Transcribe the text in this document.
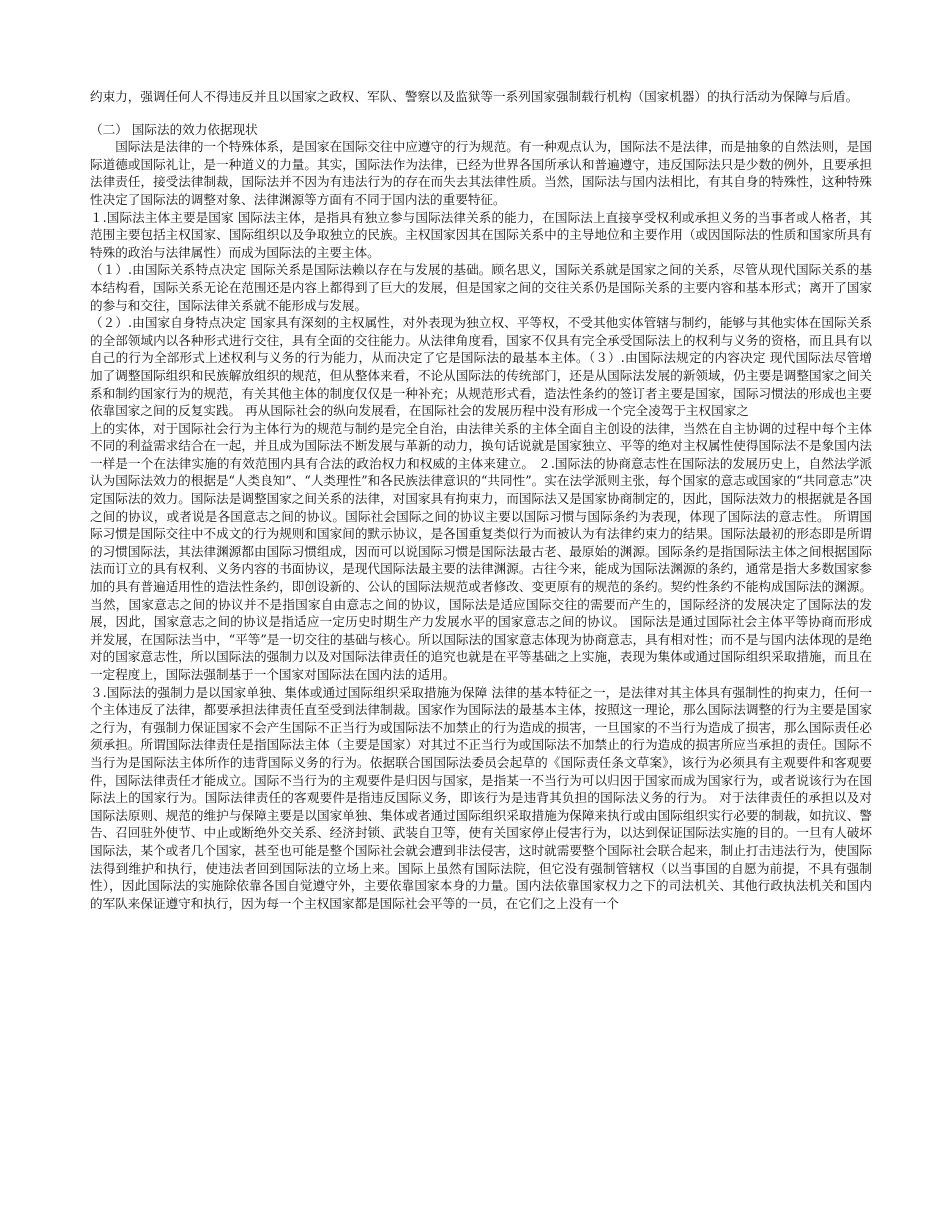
约束力，强调任何人不得违反并且以国家之政权、军队、警察以及监狱等一系列国家强制载行机构（国家机器）的执行活动为保障与后盾。

（二） 国际法的效力依据现状

国际法是法律的一个特殊体系，是国家在国际交往中应遵守的行为规范。有一种观点认为，国际法不是法律，而是抽象的自然法则，是国际道德或国际礼让，是一种道义的力量。其实，国际法作为法律，已经为世界各国所承认和普遍遵守，违反国际法只是少数的例外，且要承担法律责任，接受法律制裁，国际法并不因为有违法行为的存在而失去其法律性质。当然，国际法与国内法相比，有其自身的特殊性，这种特殊性决定了国际法的调整对象、法律渊源等方面有不同于国内法的重要特征。

１.国际法主体主要是国家 国际法主体，是指具有独立参与国际法律关系的能力，在国际法上直接享受权利或承担义务的当事者或人格者，其范围主要包括主权国家、国际组织以及争取独立的民族。主权国家因其在国际关系中的主导地位和主要作用（或因国际法的性质和国家所具有特殊的政治与法律属性）而成为国际法的主要主体。

（１）.由国际关系特点决定 国际关系是国际法赖以存在与发展的基础。顾名思义，国际关系就是国家之间的关系，尽管从现代国际关系的基本结构看，国际关系无论在范围还是内容上都得到了巨大的发展，但是国家之间的交往关系仍是国际关系的主要内容和基本形式；离开了国家的参与和交往，国际法律关系就不能形成与发展。

（２）.由国家自身特点决定 国家具有深刻的主权属性，对外表现为独立权、平等权，不受其他实体管辖与制约，能够与其他实体在国际关系的全部领域内以各种形式进行交往，具有全面的交往能力。从法律角度看，国家不仅具有完全承受国际法上的权利与义务的资格，而且具有以自己的行为全部形式上述权利与义务的行为能力，从而决定了它是国际法的最基本主体。（３）.由国际法规定的内容决定 现代国际法尽管增加了调整国际组织和民族解放组织的规范，但从整体来看，不论从国际法的传统部门，还是从国际法发展的新领域，仍主要是调整国家之间关系和制约国家行为的规范，有关其他主体的制度仅仅是一种补充；从规范形式看，造法性条约的签订者主要是国家，国际习惯法的形成也主要依靠国家之间的反复实践。 再从国际社会的纵向发展看，在国际社会的发展历程中没有形成一个完全凌驾于主权国家之

上的实体，对于国际社会行为主体行为的规范与制约是完全自治，由法律关系的主体全面自主创设的法律，当然在自主协调的过程中每个主体不同的利益需求结合在一起，并且成为国际法不断发展与革新的动力，换句话说就是国家独立、平等的绝对主权属性使得国际法不是象国内法一样是一个在法律实施的有效范围内具有合法的政治权力和权威的主体来建立。 ２.国际法的协商意志性在国际法的发展历史上，自然法学派认为国际法效力的根据是“人类良知”、“人类理性”和各民族法律意识的“共同性”。实在法学派则主张，每个国家的意志或国家的“共同意志”决定国际法的效力。国际法是调整国家之间关系的法律，对国家具有拘束力，而国际法又是国家协商制定的，因此，国际法效力的根据就是各国之间的协议，或者说是各国意志之间的协议。国际社会国际之间的协议主要以国际习惯与国际条约为表现，体现了国际法的意志性。 所谓国际习惯是国际交往中不成文的行为规则和国家间的默示协议，是各国重复类似行为而被认为有法律约束力的结果。国际法最初的形态即是所谓的习惯国际法，其法律渊源都由国际习惯组成，因而可以说国际习惯是国际法最古老、最原始的渊源。国际条约是指国际法主体之间根据国际法而订立的具有权利、义务内容的书面协议，是现代国际法最主要的法律渊源。古往今来，能成为国际法渊源的条约，通常是指大多数国家参加的具有普遍适用性的造法性条约，即创设新的、公认的国际法规范或者修改、变更原有的规范的条约。契约性条约不能构成国际法的渊源。当然，国家意志之间的协议并不是指国家自由意志之间的协议，国际法是适应国际交往的需要而产生的，国际经济的发展决定了国际法的发展，因此，国家意志之间的协议是指适应一定历史时期生产力发展水平的国家意志之间的协议。 国际法是通过国际社会主体平等协商而形成并发展，在国际法当中，“平等”是一切交往的基础与核心。所以国际法的国家意志体现为协商意志，具有相对性；而不是与国内法体现的是绝对的国家意志性，所以国际法的强制力以及对国际法律责任的追究也就是在平等基础之上实施，表现为集体或通过国际组织采取措施，而且在一定程度上，国际法强制基于一个国家对国际法在国内法的适用。

３.国际法的强制力是以国家单独、集体或通过国际组织采取措施为保障 法律的基本特征之一，是法律对其主体具有强制性的拘束力，任何一个主体违反了法律，都要承担法律责任直至受到法律制裁。国家作为国际法的最基本主体，按照这一理论，那么国际法调整的行为主要是国家之行为，有强制力保证国家不会产生国际不正当行为或国际法不加禁止的行为造成的损害，一旦国家的不当行为造成了损害，那么国际责任必须承担。所谓国际法律责任是指国际法主体（主要是国家）对其过不正当行为或国际法不加禁止的行为造成的损害所应当承担的责任。国际不当行为是国际法主体所作的违背国际义务的行为。依据联合国国际法委员会起草的《国际责任条文草案》，该行为必须具有主观要件和客观要件，国际法律责任才能成立。国际不当行为的主观要件是归因与国家，是指某一不当行为可以归因于国家而成为国家行为，或者说该行为在国际法上的国家行为。国际法律责任的客观要件是指违反国际义务，即该行为是违背其负担的国际法义务的行为。 对于法律责任的承担以及对国际法原则、规范的维护与保障主要是以国家单独、集体或者通过国际组织采取措施为保障来执行或由国际组织实行必要的制裁，如抗议、警告、召回驻外使节、中止或断绝外交关系、经济封锁、武装自卫等，使有关国家停止侵害行为，以达到保证国际法实施的目的。一旦有人破坏国际法，某个或者几个国家，甚至也可能是整个国际社会就会遭到非法侵害，这时就需要整个国际社会联合起来，制止打击违法行为，使国际法得到维护和执行，使违法者回到国际法的立场上来。国际上虽然有国际法院，但它没有强制管辖权（以当事国的自愿为前提，不具有强制性），因此国际法的实施除依靠各国自觉遵守外，主要依靠国家本身的力量。国内法依靠国家权力之下的司法机关、其他行政执法机关和国内的军队来保证遵守和执行，因为每一个主权国家都是国际社会平等的一员，在它们之上没有一个
